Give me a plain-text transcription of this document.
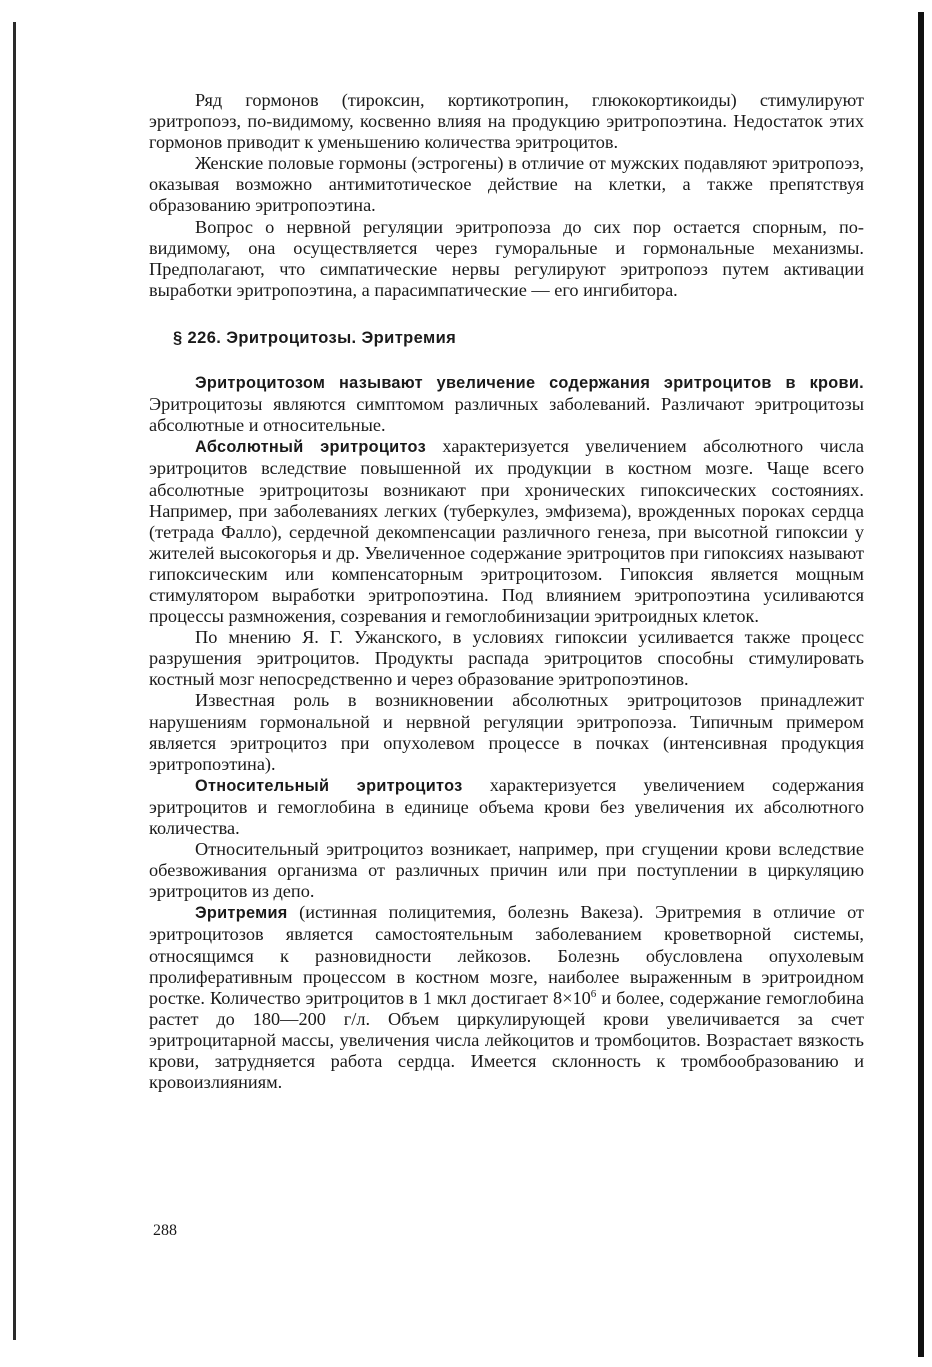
Ряд гормонов (тироксин, кортикотропин, глюкокортикоиды) стимулируют эритропоэз, по-видимому, косвенно влияя на продукцию эритропоэтина. Недостаток этих гормонов приводит к уменьшению количества эритроцитов.

Женские половые гормоны (эстрогены) в отличие от мужских подавляют эритропоэз, оказывая возможно антимитотическое действие на клетки, а также препятствуя образованию эритропоэтина.

Вопрос о нервной регуляции эритропоэза до сих пор остается спорным, по-видимому, она осуществляется через гуморальные и гормональные механизмы. Предполагают, что симпатические нервы регулируют эритропоэз путем активации выработки эритропоэтина, а парасимпатические — его ингибитора.

§ 226. Эритроцитозы. Эритремия

Эритроцитозом называют увеличение содержания эритроцитов в крови. Эритроцитозы являются симптомом различных заболеваний. Различают эритроцитозы абсолютные и относительные.

Абсолютный эритроцитоз характеризуется увеличением абсолютного числа эритроцитов вследствие повышенной их продукции в костном мозге. Чаще всего абсолютные эритроцитозы возникают при хронических гипоксических состояниях. Например, при заболеваниях легких (туберкулез, эмфизема), врожденных пороках сердца (тетрада Фалло), сердечной декомпенсации различного генеза, при высотной гипоксии у жителей высокогорья и др. Увеличенное содержание эритроцитов при гипоксиях называют гипоксическим или компенсаторным эритроцитозом. Гипоксия является мощным стимулятором выработки эритропоэтина. Под влиянием эритропоэтина усиливаются процессы размножения, созревания и гемоглобинизации эритроидных клеток.

По мнению Я. Г. Ужанского, в условиях гипоксии усиливается также процесс разрушения эритроцитов. Продукты распада эритроцитов способны стимулировать костный мозг непосредственно и через образование эритропоэтинов.

Известная роль в возникновении абсолютных эритроцитозов принадлежит нарушениям гормональной и нервной регуляции эритропоэза. Типичным примером является эритроцитоз при опухолевом процессе в почках (интенсивная продукция эритропоэтина).

Относительный эритроцитоз характеризуется увеличением содержания эритроцитов и гемоглобина в единице объема крови без увеличения их абсолютного количества.

Относительный эритроцитоз возникает, например, при сгущении крови вследствие обезвоживания организма от различных причин или при поступлении в циркуляцию эритроцитов из депо.

Эритремия (истинная полицитемия, болезнь Вакеза). Эритремия в отличие от эритроцитозов является самостоятельным заболеванием кроветворной системы, относящимся к разновидности лейкозов. Болезнь обусловлена опухолевым пролиферативным процессом в костном мозге, наиболее выраженным в эритроидном ростке. Количество эритроцитов в 1 мкл достигает $8\times 10^6$ и более, содержание гемоглобина растет до 180—200 г/л. Объем циркулирующей крови увеличивается за счет эритроцитарной массы, увеличения числа лейкоцитов и тромбоцитов. Возрастает вязкость крови, затрудняется работа сердца. Имеется склонность к тромбообразованию и кровоизлияниям.

288
